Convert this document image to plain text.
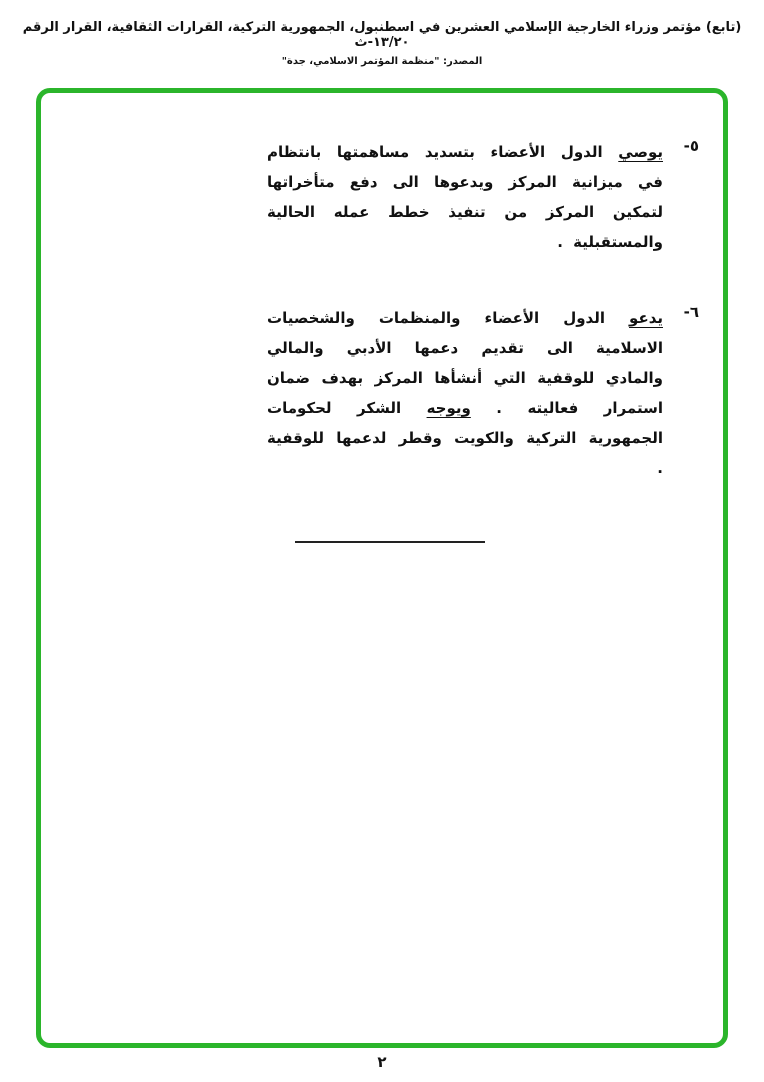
(تابع) مؤتمر وزراء الخارجية الإسلامي العشرين في اسطنبول، الجمهورية التركية، القرارات الثقافية، القرار الرقم ١٣/٢٠-ث
المصدر: "منظمة المؤتمر الاسلامي، جدة"
٥-
يوصي الدول الأعضاء بتسديد مساهمتها بانتظام في ميزانية المركز ويدعوها الى دفع متأخراتها لتمكين المركز من تنفيذ خطط عمله الحالية والمستقبلية .
٦-
يدعو الدول الأعضاء والمنظمات والشخصيات الاسلامية الى تقديم دعمها الأدبي والمالي والمادي للوقفية التي أنشأها المركز بهدف ضمان استمرار فعاليته . ويوجه الشكر لحكومات الجمهورية التركية والكويت وقطر لدعمها للوقفية .
٢
